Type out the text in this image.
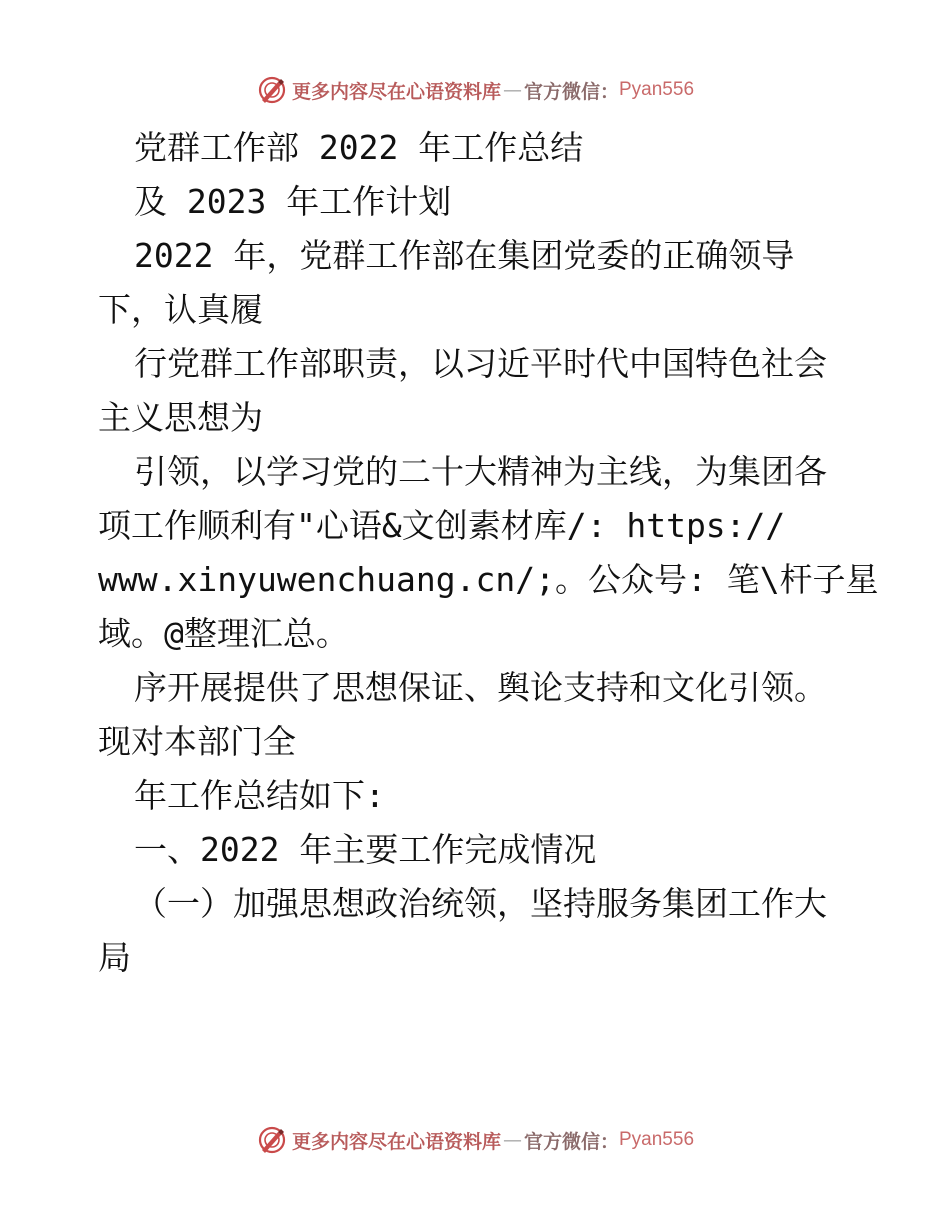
更多内容尽在心语资料库 — 官方微信： Pyan556

党群工作部 2022 年工作总结

及 2023 年工作计划

2022 年，党群工作部在集团党委的正确领导

下，认真履

行党群工作部职责，以习近平时代中国特色社会

主义思想为

引领，以学习党的二十大精神为主线，为集团各

项工作顺利有"心语&文创素材库/: https://

www.xinyuwenchuang.cn/;。公众号: 笔\杆子星

域。@整理汇总。

序开展提供了思想保证、舆论支持和文化引领。

现对本部门全

年工作总结如下:

一、2022 年主要工作完成情况

（一）加强思想政治统领，坚持服务集团工作大

局

更多内容尽在心语资料库 — 官方微信： Pyan556
